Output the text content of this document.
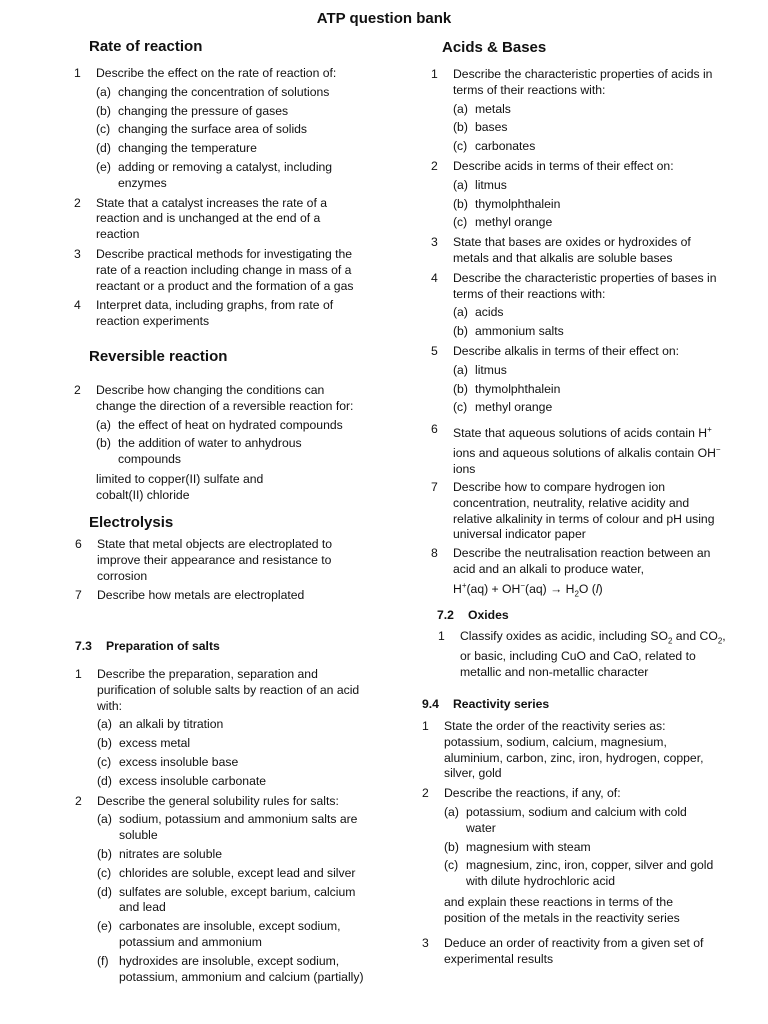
ATP question bank
Rate of reaction
1 Describe the effect on the rate of reaction of:
(a) changing the concentration of solutions
(b) changing the pressure of gases
(c) changing the surface area of solids
(d) changing the temperature
(e) adding or removing a catalyst, including enzymes
2 State that a catalyst increases the rate of a reaction and is unchanged at the end of a reaction
3 Describe practical methods for investigating the rate of a reaction including change in mass of a reactant or a product and the formation of a gas
4 Interpret data, including graphs, from rate of reaction experiments
Reversible reaction
2 Describe how changing the conditions can change the direction of a reversible reaction for:
(a) the effect of heat on hydrated compounds
(b) the addition of water to anhydrous compounds
limited to copper(II) sulfate and cobalt(II) chloride
Electrolysis
6 State that metal objects are electroplated to improve their appearance and resistance to corrosion
7 Describe how metals are electroplated
7.3 Preparation of salts
1 Describe the preparation, separation and purification of soluble salts by reaction of an acid with:
(a) an alkali by titration
(b) excess metal
(c) excess insoluble base
(d) excess insoluble carbonate
2 Describe the general solubility rules for salts:
(a) sodium, potassium and ammonium salts are soluble
(b) nitrates are soluble
(c) chlorides are soluble, except lead and silver
(d) sulfates are soluble, except barium, calcium and lead
(e) carbonates are insoluble, except sodium, potassium and ammonium
(f) hydroxides are insoluble, except sodium, potassium, ammonium and calcium (partially)
Acids & Bases
1 Describe the characteristic properties of acids in terms of their reactions with:
(a) metals
(b) bases
(c) carbonates
2 Describe acids in terms of their effect on:
(a) litmus
(b) thymolphthalein
(c) methyl orange
3 State that bases are oxides or hydroxides of metals and that alkalis are soluble bases
4 Describe the characteristic properties of bases in terms of their reactions with:
(a) acids
(b) ammonium salts
5 Describe alkalis in terms of their effect on:
(a) litmus
(b) thymolphthalein
(c) methyl orange
6 State that aqueous solutions of acids contain H+ ions and aqueous solutions of alkalis contain OH− ions
7 Describe how to compare hydrogen ion concentration, neutrality, relative acidity and relative alkalinity in terms of colour and pH using universal indicator paper
8 Describe the neutralisation reaction between an acid and an alkali to produce water,
$H^+(aq) + OH^-(aq) \to H_2O$ (l)
7.2 Oxides
1 Classify oxides as acidic, including $SO_2$ and $CO_2$, or basic, including CuO and CaO, related to metallic and non-metallic character
9.4 Reactivity series
1 State the order of the reactivity series as: potassium, sodium, calcium, magnesium, aluminium, carbon, zinc, iron, hydrogen, copper, silver, gold
2 Describe the reactions, if any, of:
(a) potassium, sodium and calcium with cold water
(b) magnesium with steam
(c) magnesium, zinc, iron, copper, silver and gold with dilute hydrochloric acid
and explain these reactions in terms of the position of the metals in the reactivity series
3 Deduce an order of reactivity from a given set of experimental results
